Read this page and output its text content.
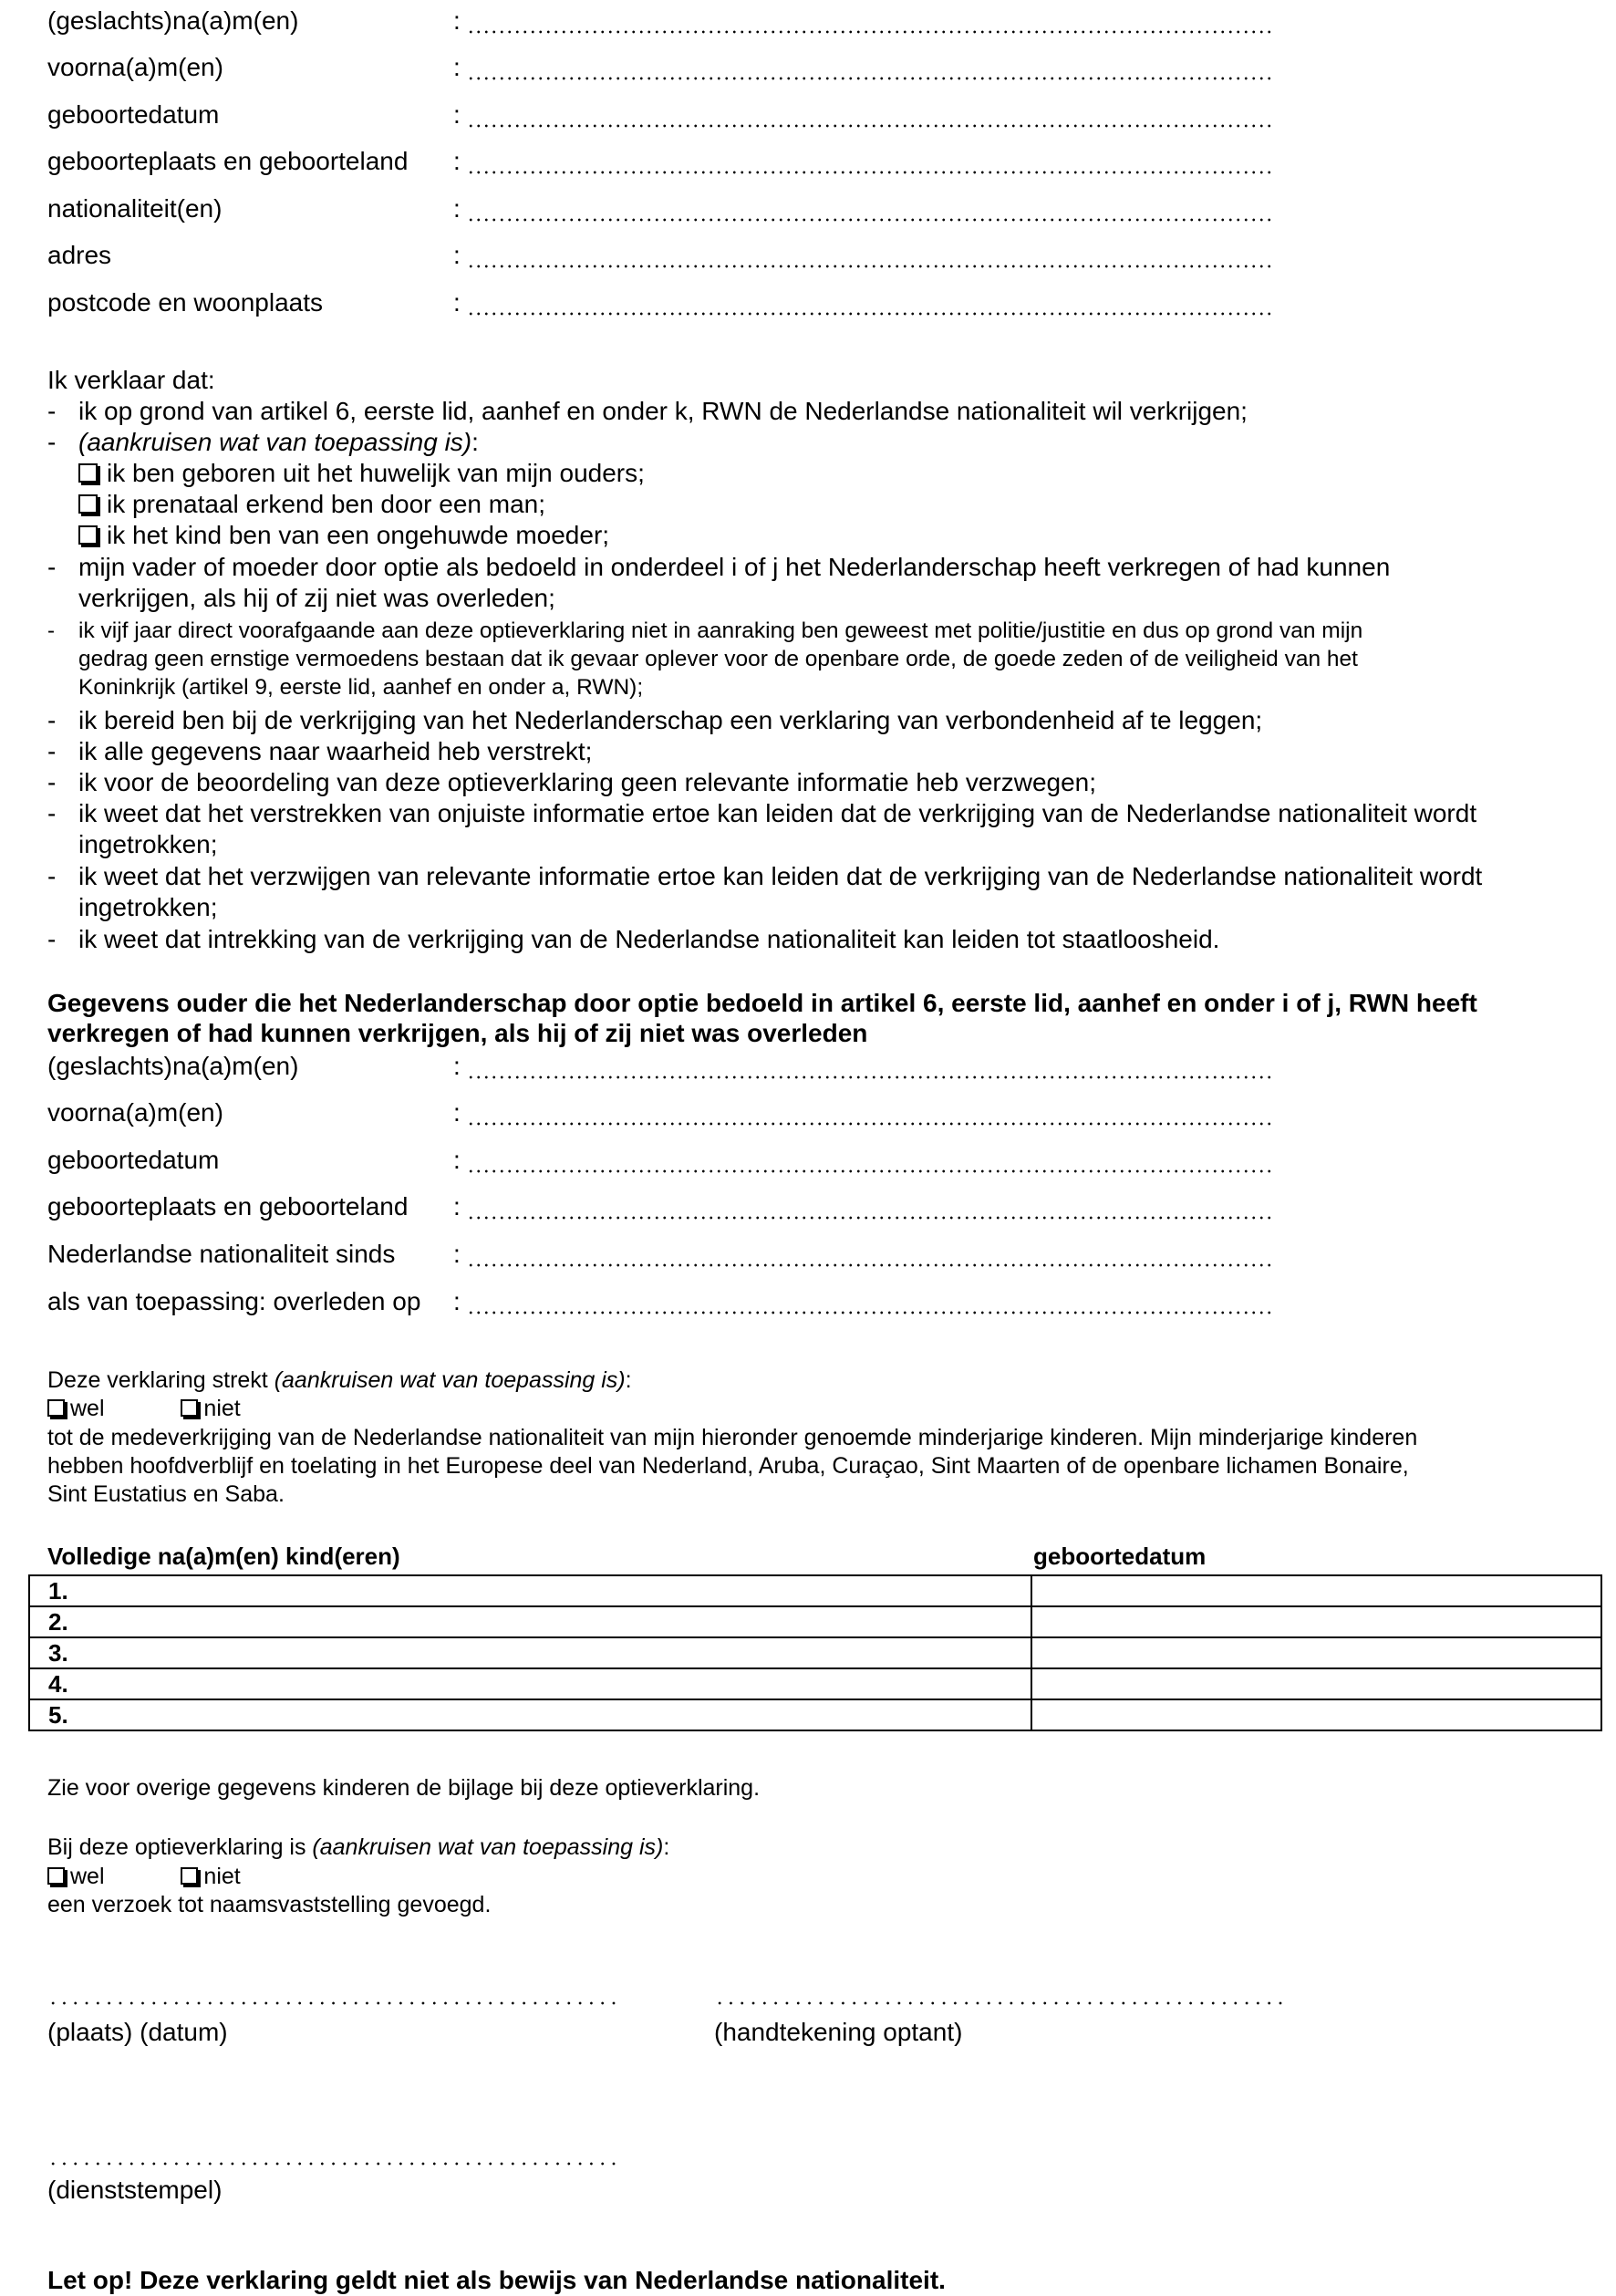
(geslachts)na(a)m(en)	:
voorna(a)m(en)	:
geboortedatum	:
geboorteplaats en geboorteland :
nationaliteit(en)	:
adres	:
postcode en woonplaats	:
Ik verklaar dat:
- ik op grond van artikel 6, eerste lid, aanhef en onder k, RWN de Nederlandse nationaliteit wil verkrijgen;
- (aankruisen wat van toepassing is):
ik ben geboren uit het huwelijk van mijn ouders;
ik prenataal erkend ben door een man;
ik het kind ben van een ongehuwde moeder;
- mijn vader of moeder door optie als bedoeld in onderdeel i of j het Nederlanderschap heeft verkregen of had kunnen
verkrijgen, als hij of zij niet was overleden;
- ik vijf jaar direct voorafgaande aan deze optieverklaring niet in aanraking ben geweest met politie/justitie en dus op grond van mijn
gedrag geen ernstige vermoedens bestaan dat ik gevaar oplever voor de openbare orde, de goede zeden of de veiligheid van het
Koninkrijk (artikel 9, eerste lid, aanhef en onder a, RWN);
- ik bereid ben bij de verkrijging van het Nederlanderschap een verklaring van verbondenheid af te leggen;
- ik alle gegevens naar waarheid heb verstrekt;
- ik voor de beoordeling van deze optieverklaring geen relevante informatie heb verzwegen;
- ik weet dat het verstrekken van onjuiste informatie ertoe kan leiden dat de verkrijging van de Nederlandse nationaliteit wordt
ingetrokken;
- ik weet dat het verzwijgen van relevante informatie ertoe kan leiden dat de verkrijging van de Nederlandse nationaliteit wordt
ingetrokken;
- ik weet dat intrekking van de verkrijging van de Nederlandse nationaliteit kan leiden tot staatloosheid.
Gegevens ouder die het Nederlanderschap door optie bedoeld in artikel 6, eerste lid, aanhef en onder i of j, RWN heeft
verkregen of had kunnen verkrijgen, als hij of zij niet was overleden
(geslachts)na(a)m(en)	:
voorna(a)m(en)	:
geboortedatum	:
geboorteplaats en geboorteland :
Nederlandse nationaliteit sinds :
als van toepassing: overleden op :
Deze verklaring strekt (aankruisen wat van toepassing is):
wel	niet
tot de medeverkrijging van de Nederlandse nationaliteit van mijn hieronder genoemde minderjarige kinderen. Mijn minderjarige kinderen
hebben hoofdverblijf en toelating in het Europese deel van Nederland, Aruba, Curaçao, Sint Maarten of de openbare lichamen Bonaire,
Sint Eustatius en Saba.
Volledige na(a)m(en) kind(eren)	geboortedatum
1.	
2.	
3.	
4.	
5.	
Zie voor overige gegevens kinderen de bijlage bij deze optieverklaring.
Bij deze optieverklaring is (aankruisen wat van toepassing is):
wel	niet
een verzoek tot naamsvaststelling gevoegd.
(plaats) (datum)	(handtekening optant)
(dienststempel)
Let op! Deze verklaring geldt niet als bewijs van Nederlandse nationaliteit.
